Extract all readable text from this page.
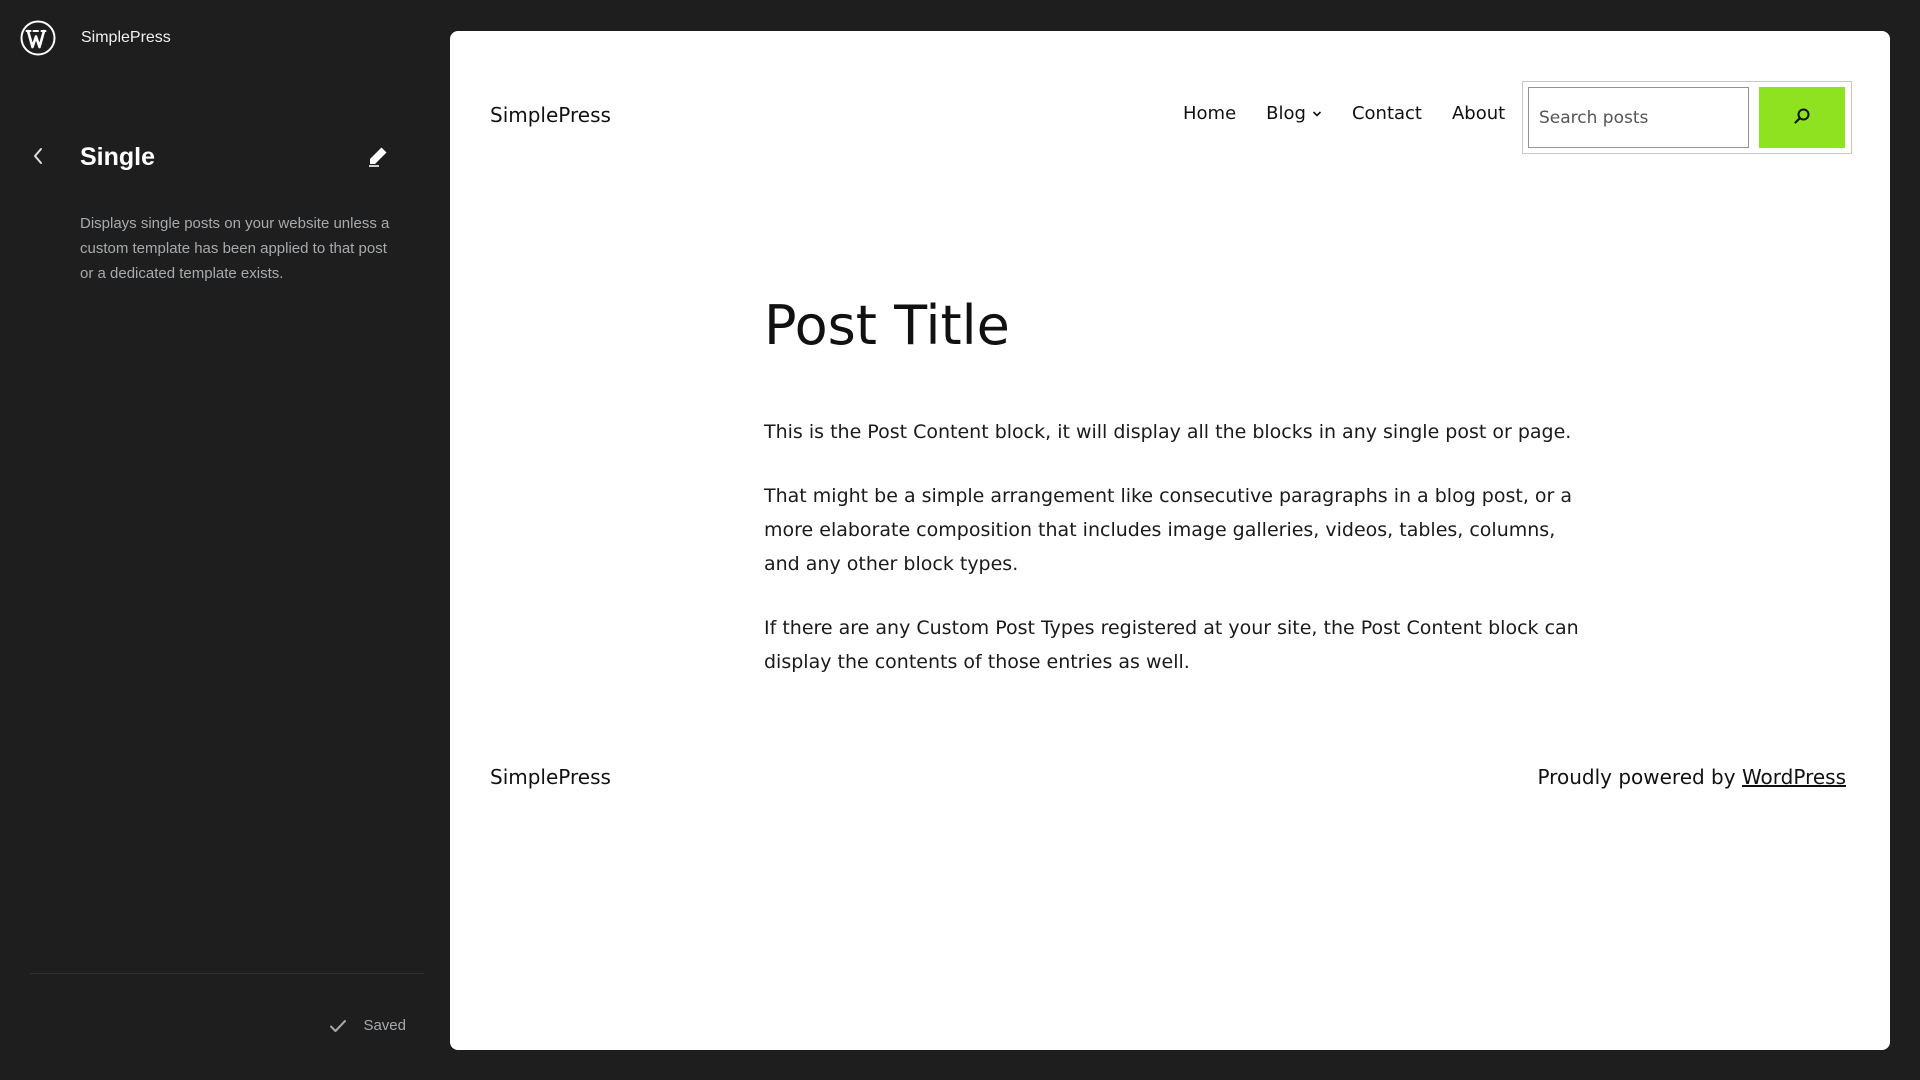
SimplePress
Single
Displays single posts on your website unless a custom template has been applied to that post or a dedicated template exists.
Saved
SimplePress	Home Blog	Contact About
Search posts
Post Title

This is the Post Content block, it will display all the blocks in any single post or page.

That might be a simple arrangement like consecutive paragraphs in a blog post, or a more elaborate composition that includes image galleries, videos, tables, columns, and any other block types.

If there are any Custom Post Types registered at your site, the Post Content block can display the contents of those entries as well.

SimplePress	Proudly powered by WordPress
